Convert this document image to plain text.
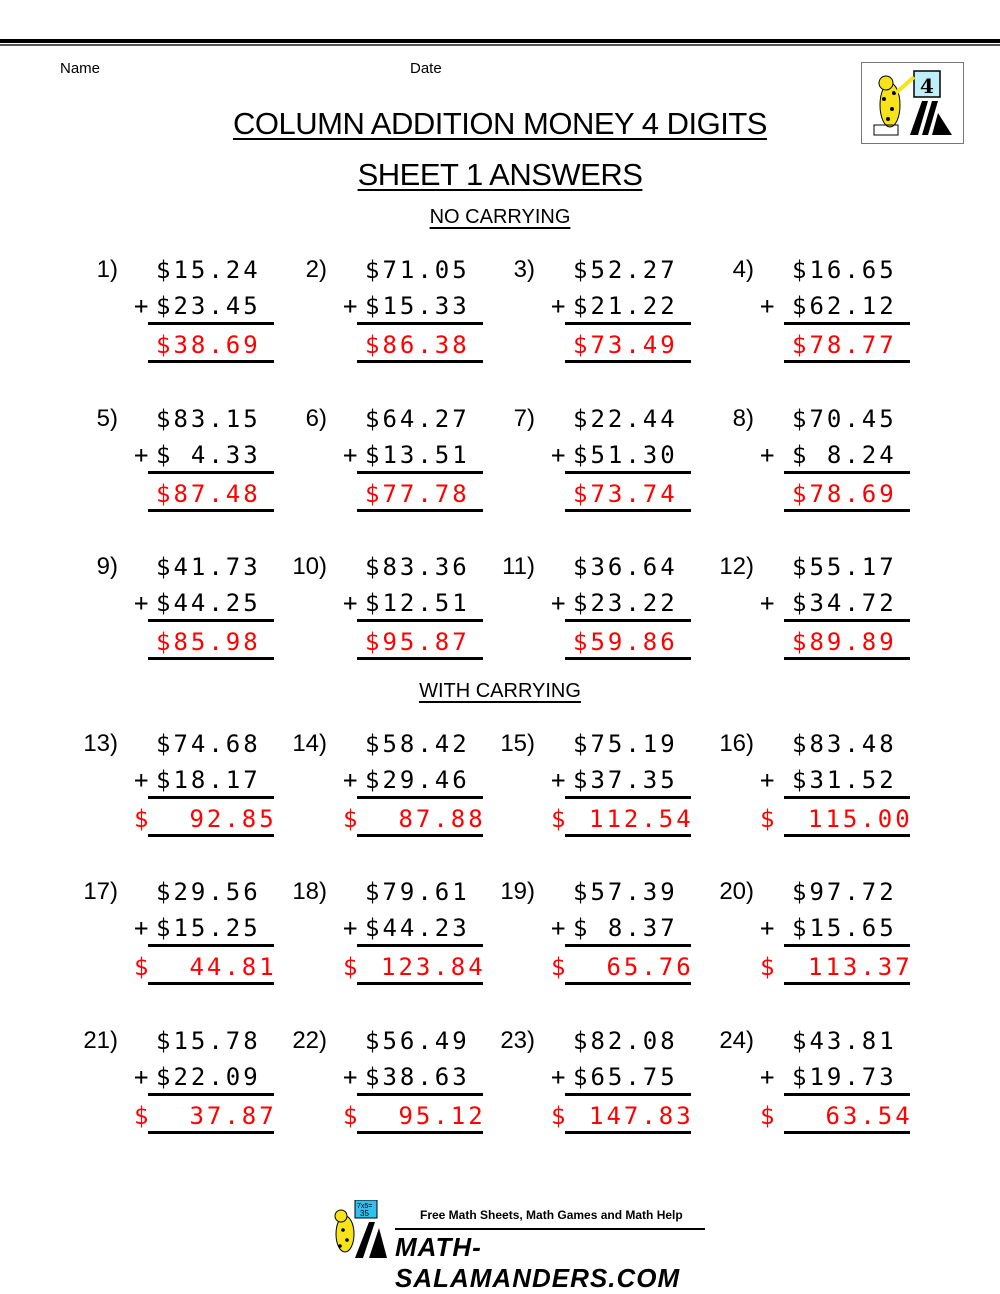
Name	Date
4
COLUMN ADDITION MONEY 4 DIGITS
SHEET 1 ANSWERS
NO CARRYING
WITH CARRYING
1) $15.24
+ $23.45
$38.69
2) $71.05
+ $15.33
$86.38
3) $52.27
+ $21.22
$73.49
4) $16.65
+ $62.12
$78.77
5) $83.15
+ $ 4.33
$87.48
6) $64.27
+ $13.51
$77.78
7) $22.44
+ $51.30
$73.74
8) $70.45
+ $ 8.24
$78.69
9) $41.73
+ $44.25
$85.98
10) $83.36
+ $12.51
$95.87
11) $36.64
+ $23.22
$59.86
12) $55.17
+ $34.72
$89.89
13) $74.68
+ $18.17
$ 92.85
14) $58.42
+ $29.46
$ 87.88
15) $75.19
+ $37.35
$ 112.54
16) $83.48
+ $31.52
$ 115.00
17) $29.56
+ $15.25
$ 44.81
18) $79.61
+ $44.23
$ 123.84
19) $57.39
+ $ 8.37
$ 65.76
20) $97.72
+ $15.65
$ 113.37
21) $15.78
+ $22.09
$ 37.87
22) $56.49
+ $38.63
$ 95.12
23) $82.08
+ $65.75
$ 147.83
24) $43.81
+ $19.73
$ 63.54
7x5=
35	Free Math Sheets, Math Games and Math Help
MATH-SALAMANDERS.COM
